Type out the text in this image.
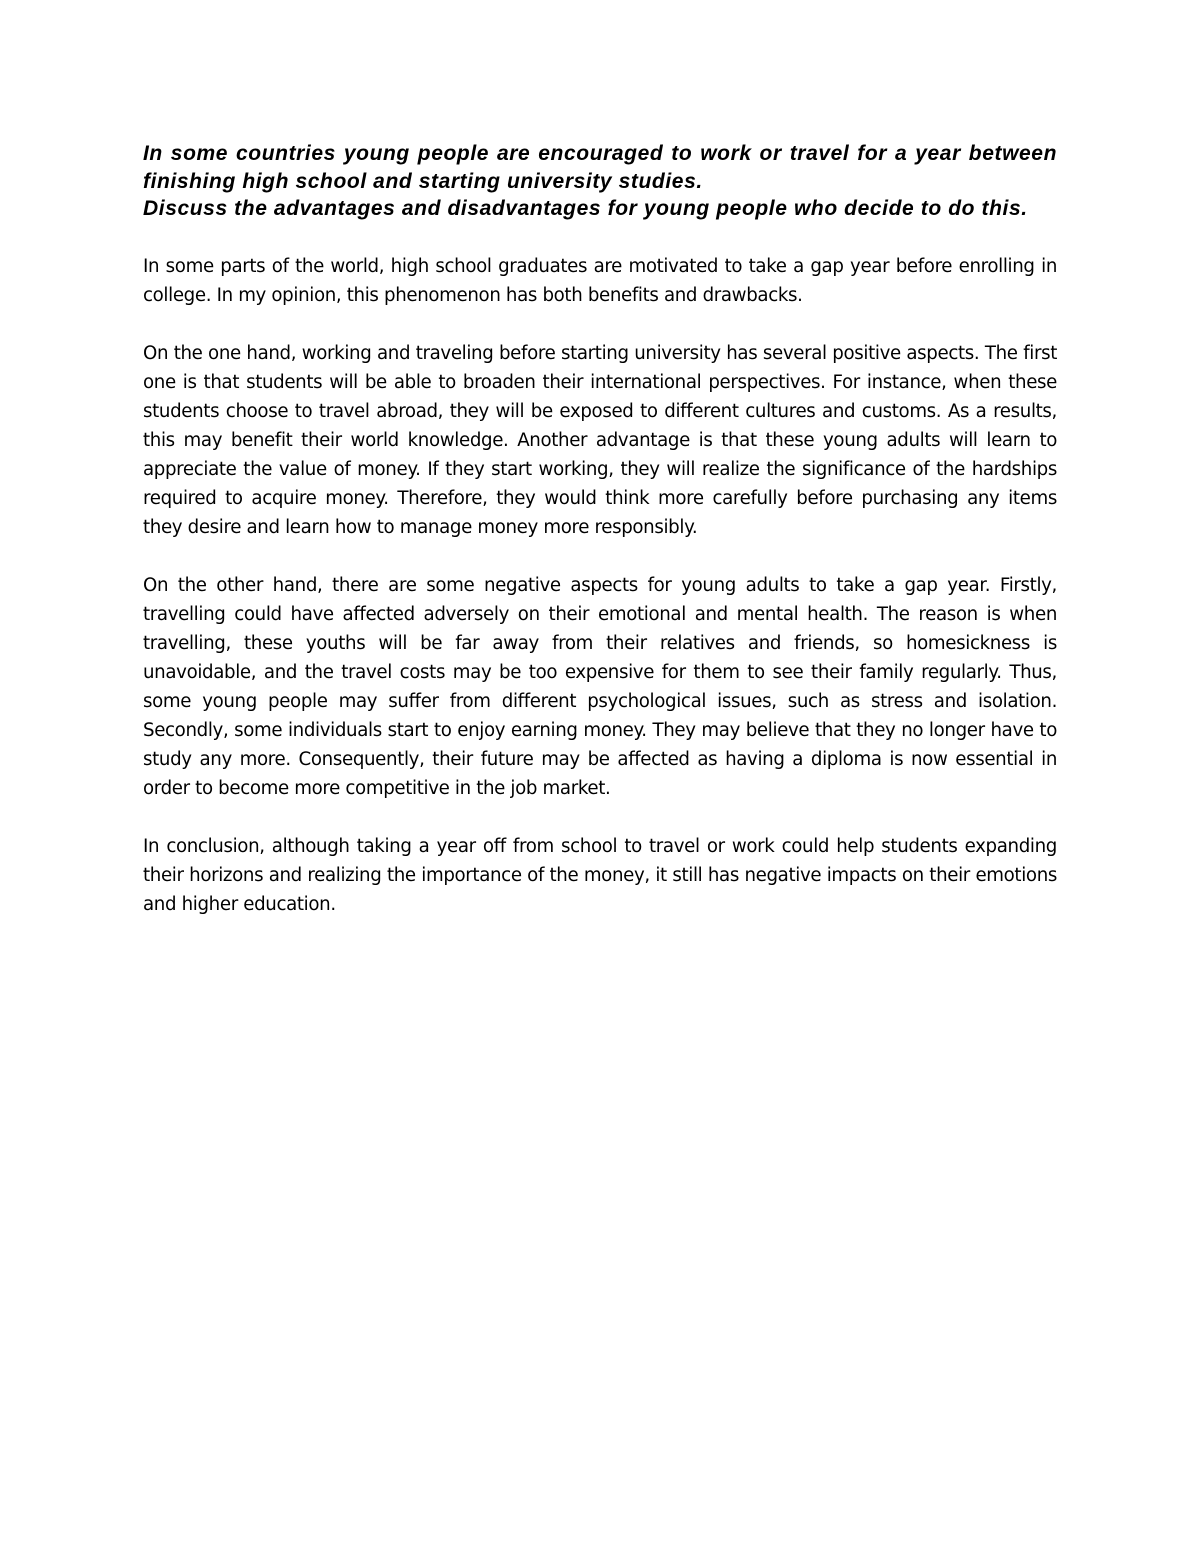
In some countries young people are encouraged to work or travel for a year between finishing high school and starting university studies.
Discuss the advantages and disadvantages for young people who decide to do this.

In some parts of the world, high school graduates are motivated to take a gap year before enrolling in college. In my opinion, this phenomenon has both benefits and drawbacks.

On the one hand, working and traveling before starting university has several positive aspects. The first one is that students will be able to broaden their international perspectives. For instance, when these students choose to travel abroad, they will be exposed to different cultures and customs. As a results, this may benefit their world knowledge. Another advantage is that these young adults will learn to appreciate the value of money. If they start working, they will realize the significance of the hardships required to acquire money. Therefore, they would think more carefully before purchasing any items they desire and learn how to manage money more responsibly.

On the other hand, there are some negative aspects for young adults to take a gap year. Firstly, travelling could have affected adversely on their emotional and mental health. The reason is when travelling, these youths will be far away from their relatives and friends, so homesickness is unavoidable, and the travel costs may be too expensive for them to see their family regularly. Thus, some young people may suffer from different psychological issues, such as stress and isolation. Secondly, some individuals start to enjoy earning money. They may believe that they no longer have to study any more. Consequently, their future may be affected as having a diploma is now essential in order to become more competitive in the job market.

In conclusion, although taking a year off from school to travel or work could help students expanding their horizons and realizing the importance of the money, it still has negative impacts on their emotions and higher education.
